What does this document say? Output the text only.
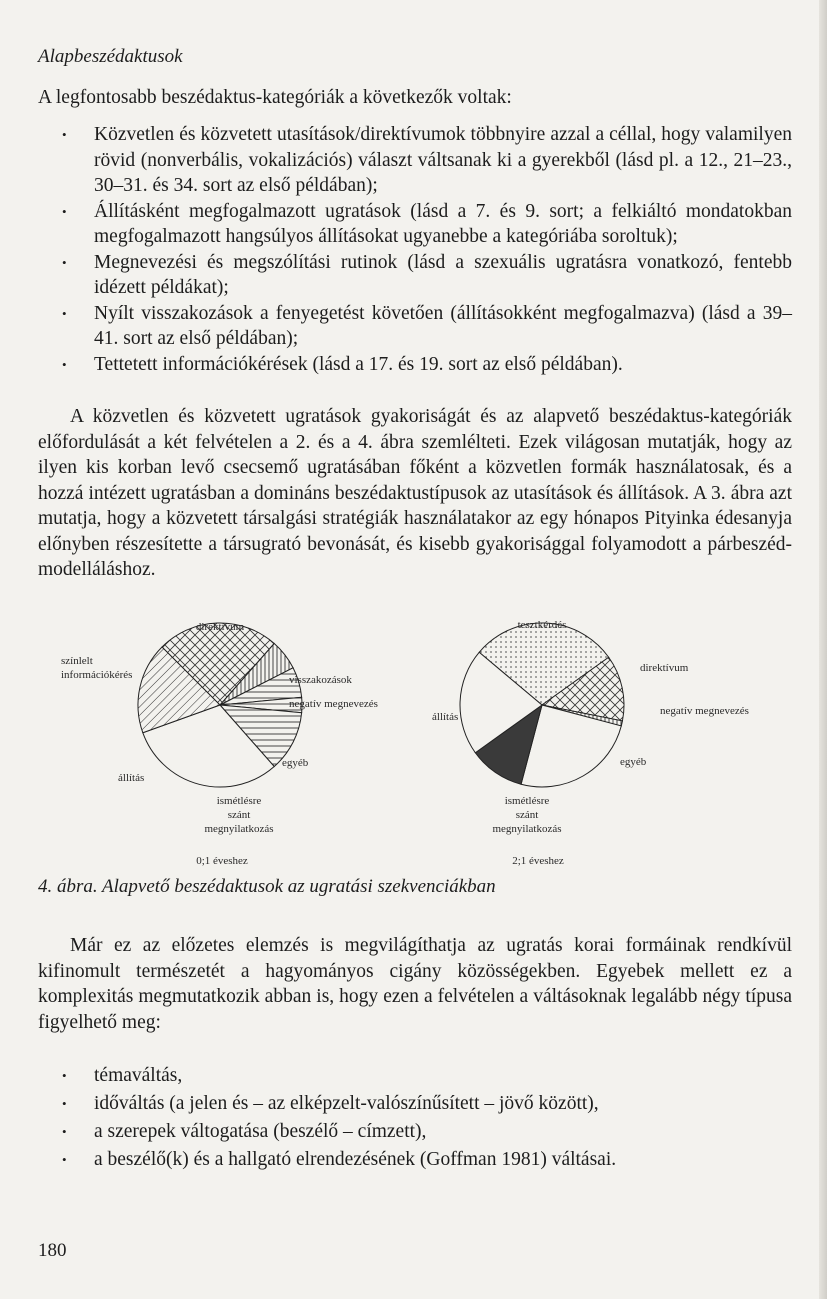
Alapbeszédaktusok
A legfontosabb beszédaktus-kategóriák a következők voltak:
• Közvetlen és közvetett utasítások/direktívumok többnyire azzal a céllal, hogy valamilyen rövid (nonverbális, vokalizációs) választ váltsanak ki a gyerekből (lásd pl. a 12., 21–23., 30–31. és 34. sort az első példában);
• Állításként megfogalmazott ugratások (lásd a 7. és 9. sort; a felkiáltó mondatokban megfogalmazott hangsúlyos állításokat ugyanebbe a kategóriába soroltuk);
• Megnevezési és megszólítási rutinok (lásd a szexuális ugratásra vonatkozó, fentebb idézett példákat);
• Nyílt visszakozások a fenyegetést követően (állításokként megfogalmazva) (lásd a 39–41. sort az első példában);
• Tettetett információkérések (lásd a 17. és 19. sort az első példában).

A közvetlen és közvetett ugratások gyakoriságát és az alapvető beszédaktus-kategóriák előfordulását a két felvételen a 2. és a 4. ábra szemlélteti. Ezek világosan mutatják, hogy az ilyen kis korban levő csecsemő ugratásában főként a közvetlen formák használatosak, és a hozzá intézett ugratásban a domináns beszédaktustípusok az utasítások és állítások. A 3. ábra azt mutatja, hogy a közvetett társalgási stratégiák használatakor az egy hónapos Pityinka édesanyja előnyben részesítette a társugrató bevonását, és kisebb gyakorisággal folyamodott a párbeszéd-modelláláshoz.

direktívum
színlelt információkérés	visszakozások
negatív megnevezés
egyéb
állítás
ismétlésre szánt megnyilatkozás
0;1 éveshez
tesztkérdés
direktívum
negatív megnevezés
állítás
egyéb
ismétlésre szánt megnyilatkozás
2;1 éveshez
4. ábra. Alapvető beszédaktusok az ugratási szekvenciákban

Már ez az előzetes elemzés is megvilágíthatja az ugratás korai formáinak rendkívül kifinomult természetét a hagyományos cigány közösségekben. Egyebek mellett ez a komplexitás megmutatkozik abban is, hogy ezen a felvételen a váltásoknak legalább négy típusa figyelhető meg:

• témaváltás,
• időváltás (a jelen és – az elképzelt-valószínűsített – jövő között),
• a szerepek váltogatása (beszélő – címzett),
• a beszélő(k) és a hallgató elrendezésének (Goffman 1981) váltásai.
180
